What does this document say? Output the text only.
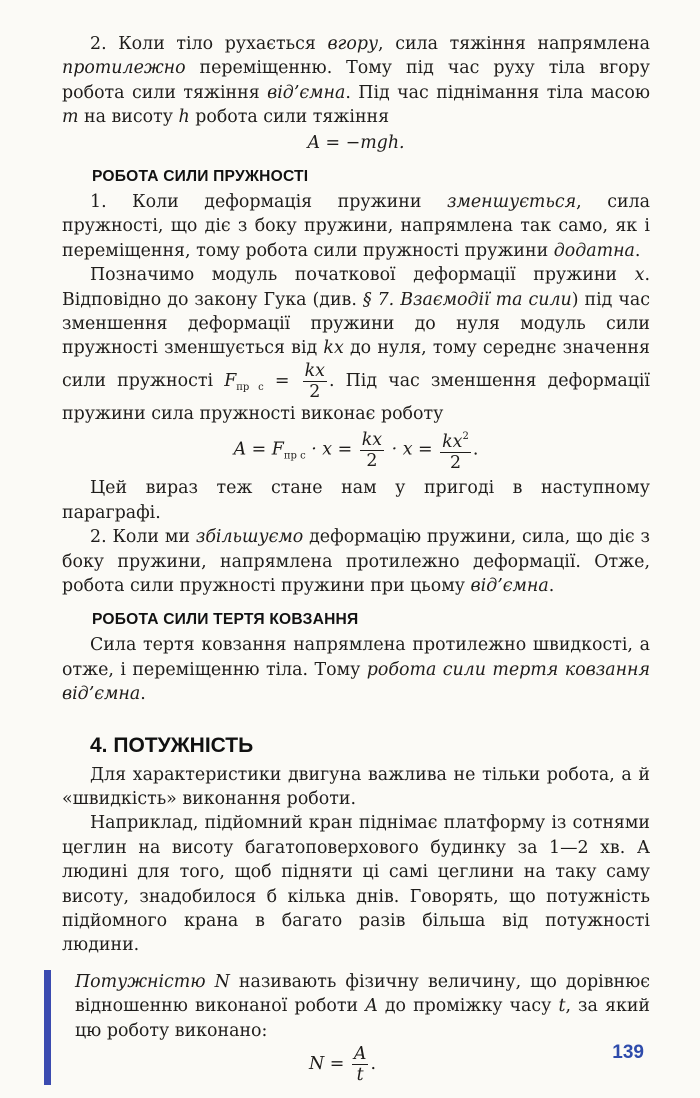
2. Коли тіло рухається вгору, сила тяжіння напрямлена протилежно переміщенню. Тому під час руху тіла вгору робота сили тяжіння від’ємна. Під час піднімання тіла масою m на висоту h робота сили тяжіння

A = −mgh.

РОБОТА СИЛИ ПРУЖНОСТІ

1. Коли деформація пружини зменшується, сила пружності, що діє з боку пружини, напрямлена так само, як і переміщення, тому робота сили пружності пружини додатна.

Позначимо модуль початкової деформації пружини x. Відповідно до закону Гука (див. § 7. Взаємодії та сили) під час зменшення деформації пружини до нуля модуль сили пружності зменшується від kx до нуля, тому середнє значення сили пружності $F_{пр с} = \frac{kx}{2}$ . Під час зменшення деформації пружини сила пружності виконає роботу

$A = F_{пр с} \cdot x = \frac{kx}{2} \cdot x = \frac{kx^2}{2}$ .

Цей вираз теж стане нам у пригоді в наступному параграфі.

2. Коли ми збільшуємо деформацію пружини, сила, що діє з боку пружини, напрямлена протилежно деформації. Отже, робота сили пружності пружини при цьому від’ємна.

РОБОТА СИЛИ ТЕРТЯ КОВЗАННЯ

Сила тертя ковзання напрямлена протилежно швидкості, а отже, і переміщенню тіла. Тому робота сили тертя ковзання від’ємна.

4. ПОТУЖНІСТЬ

Для характеристики двигуна важлива не тільки робота, а й «швидкість» виконання роботи.

Наприклад, підйомний кран піднімає платформу із сотнями цеглин на висоту багатоповерхового будинку за 1—2 хв. А людині для того, щоб підняти ці самі цеглини на таку саму висоту, знадобилося б кілька днів. Говорять, що потужність підйомного крана в багато разів більша від потужності людини.

Потужністю N називають фізичну величину, що дорівнює відношенню виконаної роботи A до проміжку часу t, за який цю роботу виконано:

$N = \frac{A}{t}$ .

139
